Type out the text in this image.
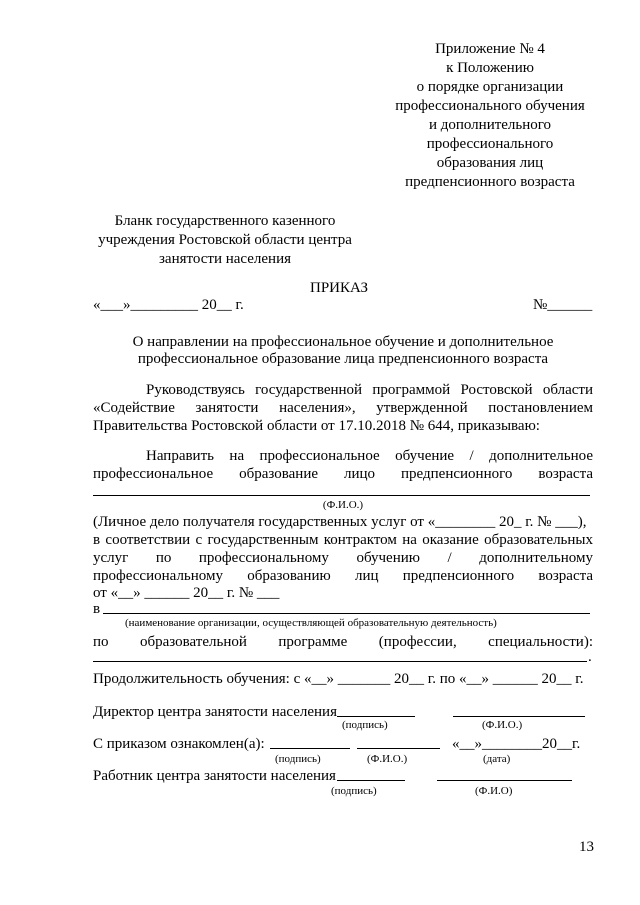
Приложение № 4
к Положению
о порядке организации
профессионального обучения
и дополнительного
профессионального
образования лиц
предпенсионного возраста
Бланк государственного казенного
учреждения Ростовской области центра
занятости населения
ПРИКАЗ
«___»_________ 20__ г.	№______
О направлении на профессиональное обучение и дополнительное
профессиональное образование лица предпенсионного возраста
Руководствуясь государственной программой Ростовской области
«Содействие занятости населения», утвержденной постановлением
Правительства Ростовской области от 17.10.2018 № 644, приказываю:
Направить на профессиональное обучение / дополнительное
профессиональное образование лицо предпенсионного возраста
(Ф.И.О.)
(Личное дело получателя государственных услуг от «________ 20_ г. № ___),
в соответствии с государственным контрактом на оказание образовательных
услуг по профессиональному обучению / дополнительному
профессиональному образованию лиц предпенсионного возраста
от «__» ______ 20__ г. № ___
в
(наименование организации, осуществляющей образовательную деятельность)
по образовательной программе (профессии, специальности):
.
Продолжительность обучения: с «__» _______ 20__ г. по «__» ______ 20__ г.
Директор центра занятости населения
(подпись)	(Ф.И.О.)
С приказом ознакомлен(а):	«__»________20__г.
(подпись)	(Ф.И.О.)	(дата)
Работник центра занятости населения
(подпись)	(Ф.И.О)
13
